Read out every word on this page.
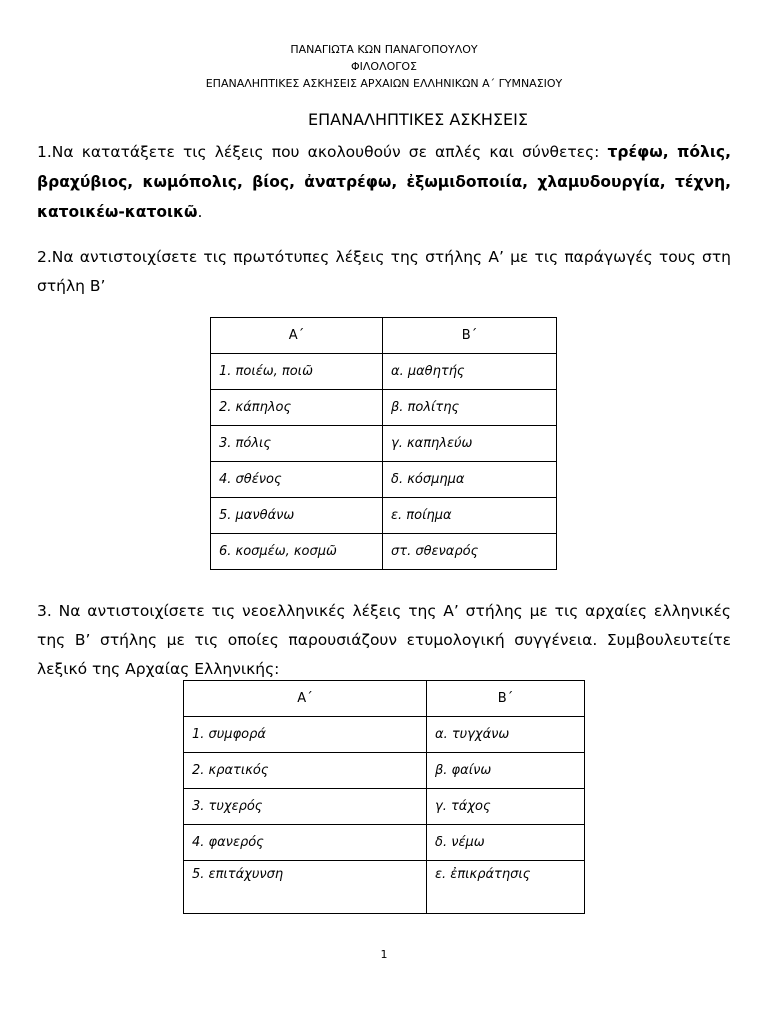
ΠΑΝΑΓΙΩΤΑ ΚΩΝ ΠΑΝΑΓΟΠΟΥΛΟΥ
ΦΙΛΟΛΟΓΟΣ
ΕΠΑΝΑΛΗΠΤΙΚΕΣ ΑΣΚΗΣΕΙΣ ΑΡΧΑΙΩΝ ΕΛΛΗΝΙΚΩΝ Α΄ ΓΥΜΝΑΣΙΟΥ
ΕΠΑΝΑΛΗΠΤΙΚΕΣ ΑΣΚΗΣΕΙΣ
1.Να κατατάξετε τις λέξεις που ακολουθούν σε απλές και σύνθετες: τρέφω, πόλις, βραχύβιος, κωμόπολις, βίος, ἀνατρέφω, ἐξωμιδοποιία, χλαμυδουργία, τέχνη, κατοικέω-κατοικῶ.
2.Να αντιστοιχίσετε τις πρωτότυπες λέξεις της στήλης Α’ με τις παράγωγές τους στη στήλη Β’
Α΄	Β΄
1. ποιέω, ποιῶ	α. μαθητής
2. κάπηλος	β. πολίτης
3. πόλις	γ. καπηλεύω
4. σθένος	δ. κόσμημα
5. μανθάνω	ε. ποίημα
6. κοσμέω, κοσμῶ	στ. σθεναρός
3. Να αντιστοιχίσετε τις νεοελληνικές λέξεις της Α’ στήλης με τις αρχαίες ελληνικές της Β’ στήλης με τις οποίες παρουσιάζουν ετυμολογική συγγένεια. Συμβουλευτείτε λεξικό της Αρχαίας Ελληνικής:
Α΄	Β΄
1. συμφορά	α. τυγχάνω
2. κρατικός	β. φαίνω
3. τυχερός	γ. τάχος
4. φανερός	δ. νέμω
5. επιτάχυνση	ε. ἐπικράτησις
1
